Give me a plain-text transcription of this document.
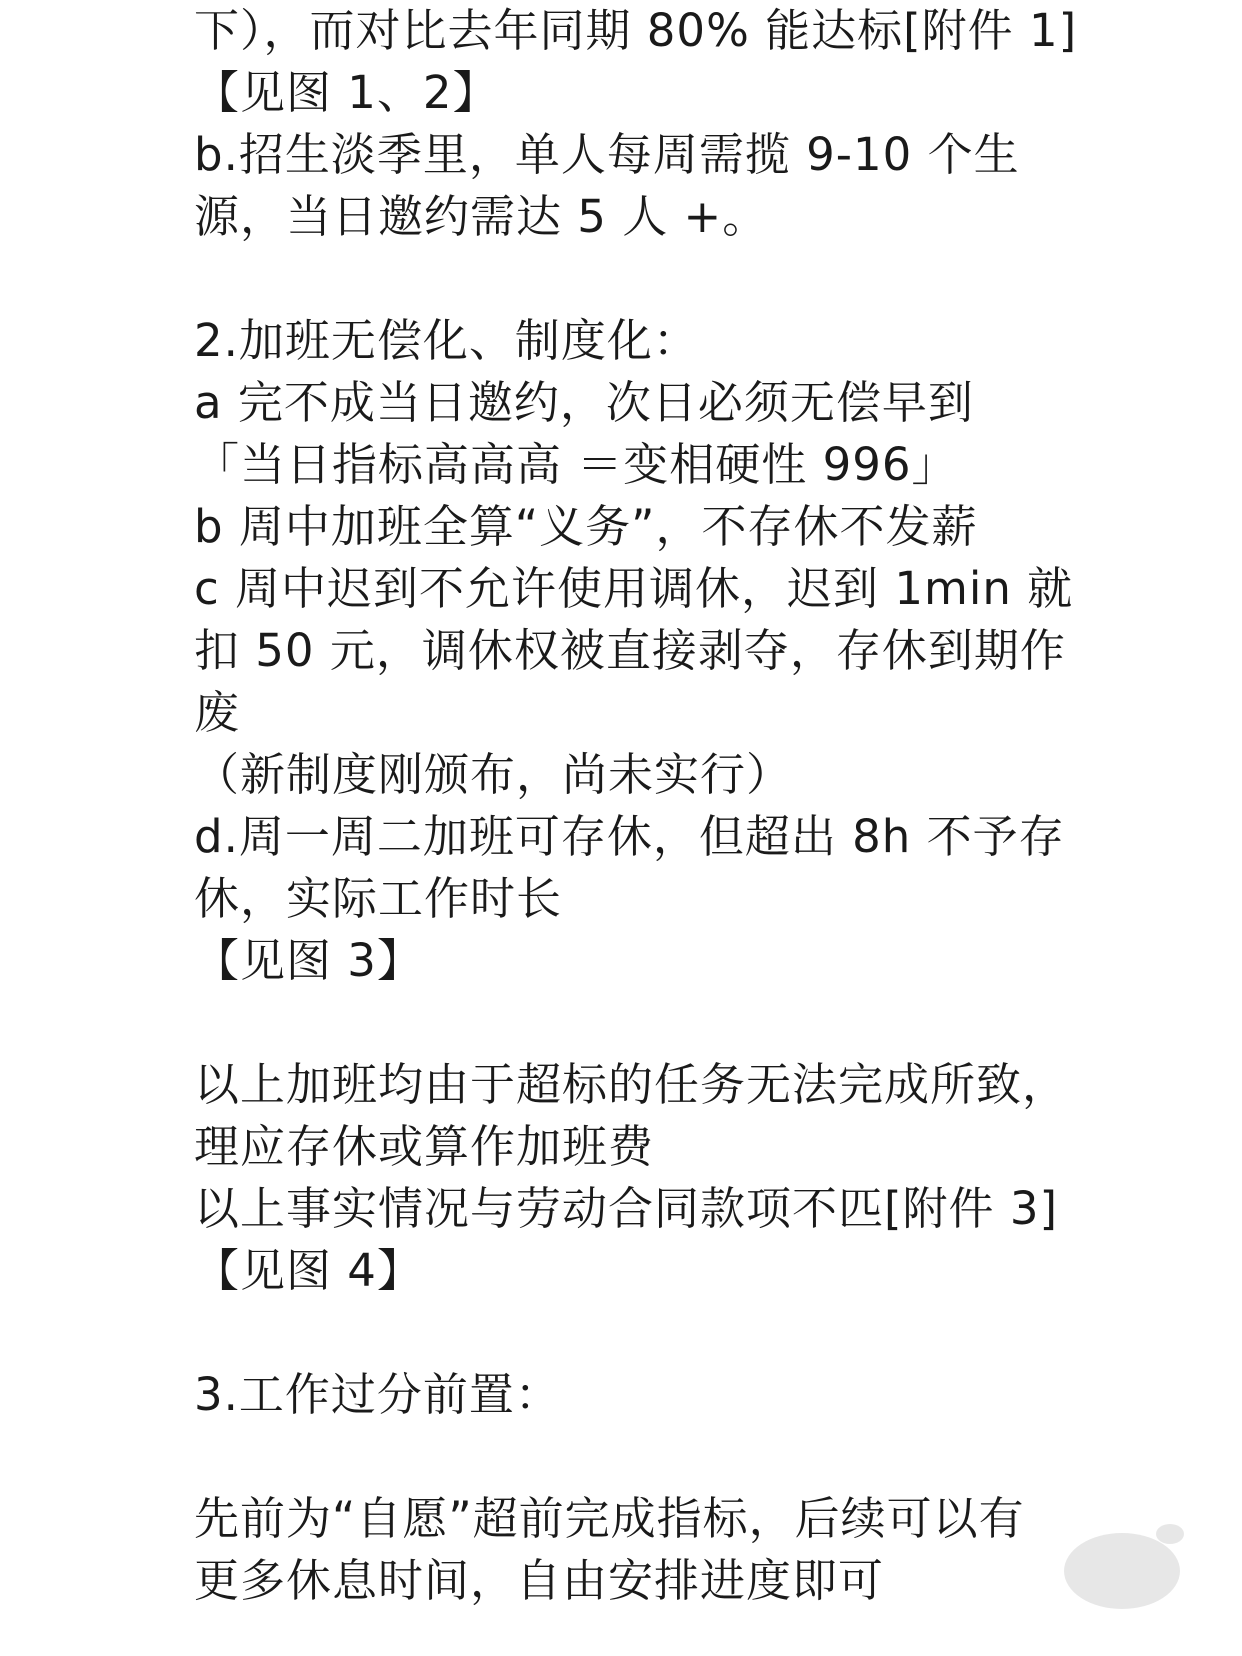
下），而对比去年同期 80% 能达标[附件 1]
【见图 1、2】
b.招生淡季里，单人每周需揽 9-10 个生
源，当日邀约需达 5 人 +。
2.加班无偿化、制度化：
a 完不成当日邀约，次日必须无偿早到
「当日指标高高高 ＝变相硬性 996」
b 周中加班全算“义务”，不存休不发薪
c 周中迟到不允许使用调休，迟到 1min 就
扣 50 元，调休权被直接剥夺，存休到期作
废
（新制度刚颁布，尚未实行）
d.周一周二加班可存休，但超出 8h 不予存
休，实际工作时长
【见图 3】
以上加班均由于超标的任务无法完成所致，
理应存休或算作加班费
以上事实情况与劳动合同款项不匹[附件 3]
【见图 4】
3.工作过分前置：
先前为“自愿”超前完成指标，后续可以有
更多休息时间，自由安排进度即可
